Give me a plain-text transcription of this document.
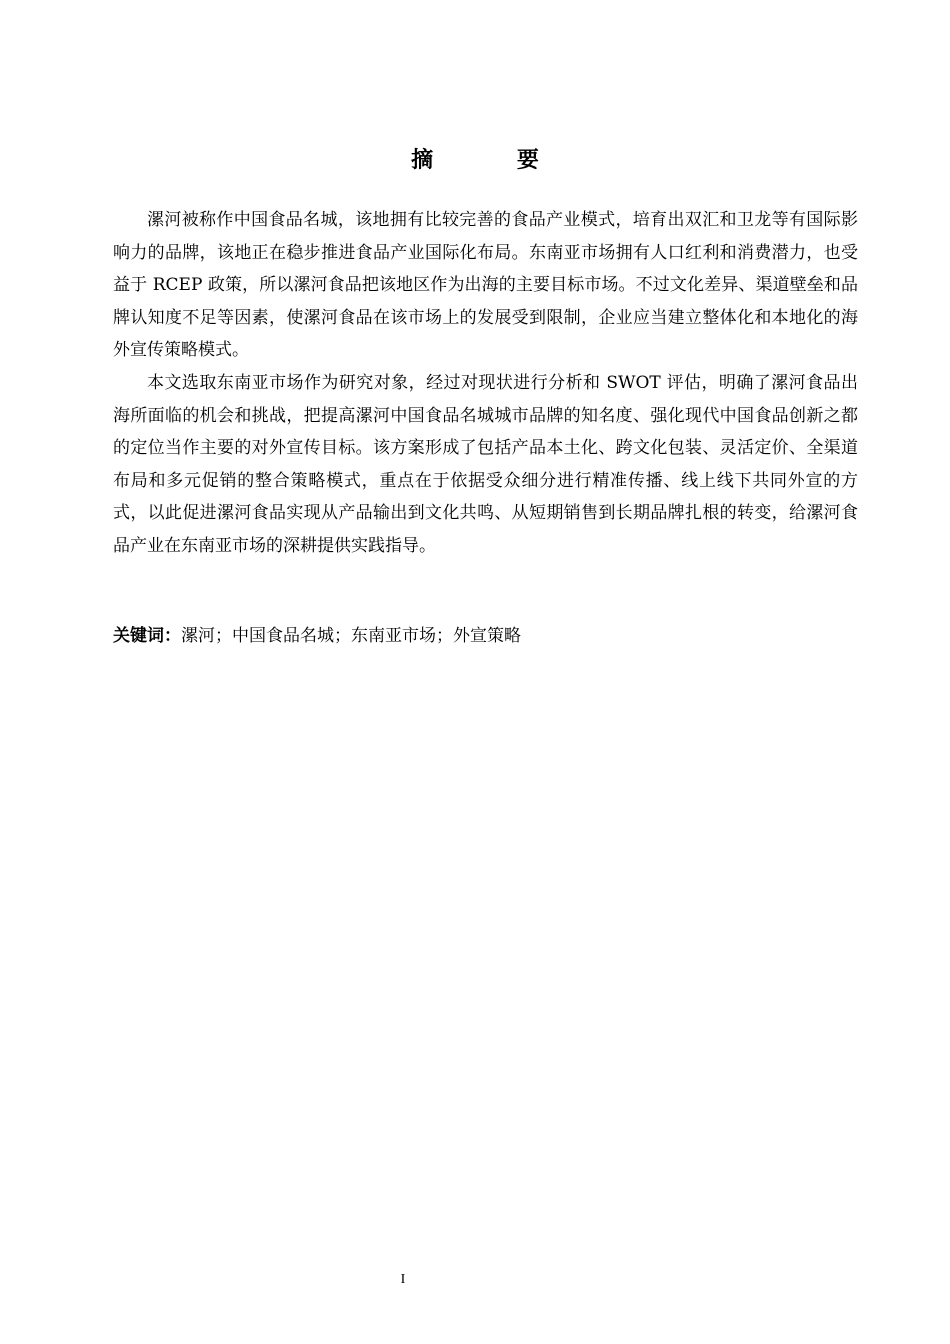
摘 要

漯河被称作中国食品名城，该地拥有比较完善的食品产业模式，培育出双汇和卫龙等有国际影响力的品牌，该地正在稳步推进食品产业国际化布局。东南亚市场拥有人口红利和消费潜力，也受益于 RCEP 政策，所以漯河食品把该地区作为出海的主要目标市场。不过文化差异、渠道壁垒和品牌认知度不足等因素，使漯河食品在该市场上的发展受到限制，企业应当建立整体化和本地化的海外宣传策略模式。

本文选取东南亚市场作为研究对象，经过对现状进行分析和 SWOT 评估，明确了漯河食品出海所面临的机会和挑战，把提高漯河中国食品名城城市品牌的知名度、强化现代中国食品创新之都的定位当作主要的对外宣传目标。该方案形成了包括产品本土化、跨文化包装、灵活定价、全渠道布局和多元促销的整合策略模式，重点在于依据受众细分进行精准传播、线上线下共同外宣的方式，以此促进漯河食品实现从产品输出到文化共鸣、从短期销售到长期品牌扎根的转变，给漯河食品产业在东南亚市场的深耕提供实践指导。

关键词：漯河；中国食品名城；东南亚市场；外宣策略
I
